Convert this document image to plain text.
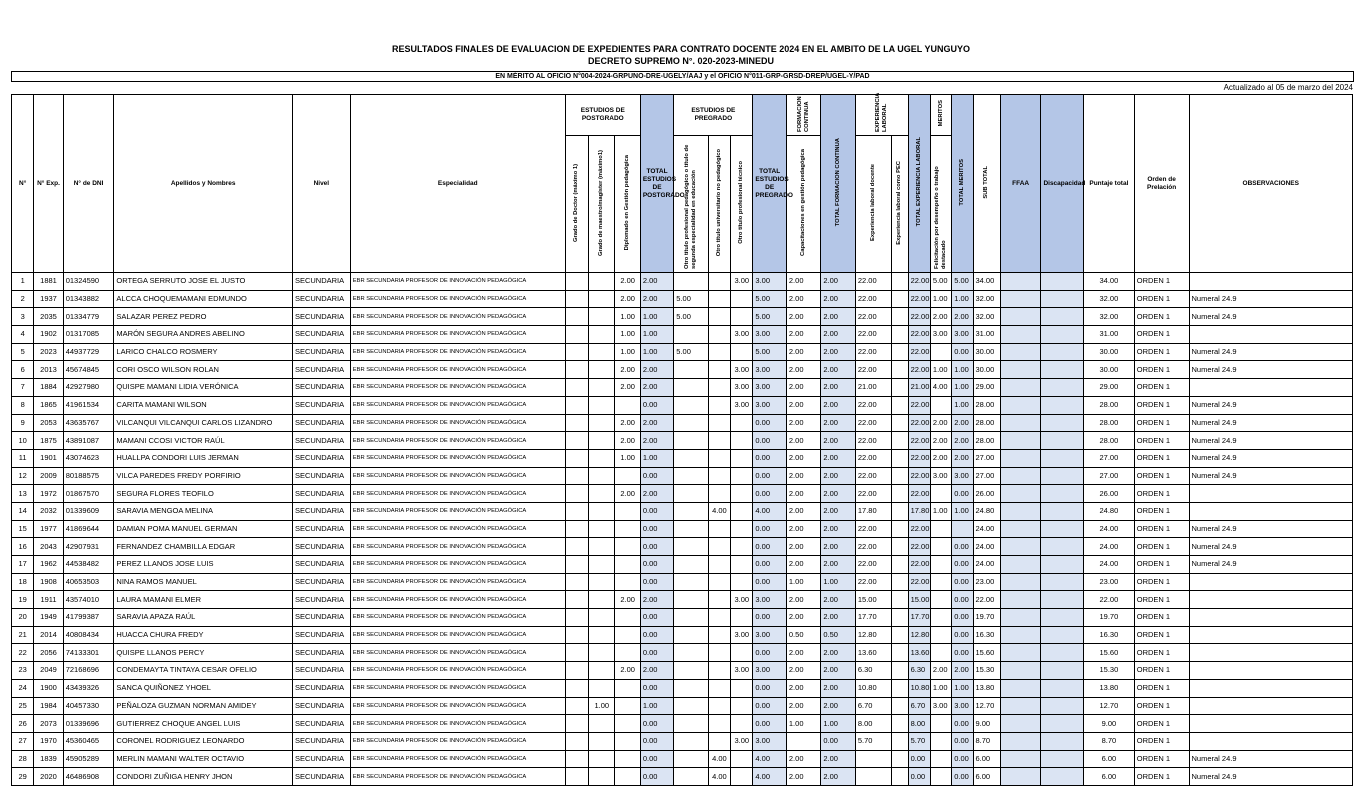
RESULTADOS FINALES DE EVALUACION DE EXPEDIENTES PARA CONTRATO DOCENTE 2024 EN EL AMBITO DE LA UGEL YUNGUYO
DECRETO SUPREMO N°. 020-2023-MINEDU
EN MÉRITO AL OFICIO N°004-2024-GRPUNO-DRE-UGELY/AAJ y el OFICIO N°011-GRP-GRSD-DREP/UGEL-Y/PAD
Actualizado al 05 de marzo del 2024
N°	N° Exp.	N° de DNI	Apellidos y Nombres	Nivel	Especialidad	ESTUDIOS DE POSTGRADO			TOTAL ESTUDIOS DE POSTGRADO	ESTUDIOS DE PREGRADO			TOTAL ESTUDIOS DE PREGRADO	FORMACION CONTINUA	TOTAL FORMACION CONTINUA	EXPERIENCIA LABORAL		TOTAL EXPERIENCIA LABORAL	MERITOS	TOTAL MERITOS	SUB TOTAL	FFAA	Discapacidad	Puntaje total	Orden de Prelación	OBSERVACIONES
						Grado de Doctor (máximo 1)	Grado de maestro/magíster (máximo1)	Diplomado en Gestión pedagógica		Otro título profesional pedagógico o título de segunda especialidad en educación	Otro título universitario no pedagógico	Otro título profesional técnico		Capacitaciones en gestión pedagógica		Experiencia laboral docente	Experiencia laboral como PEC		Felicitación por desempeño o trabajo destacado							
1	1881	01324590	ORTEGA SERRUTO JOSE EL JUSTO	SECUNDARIA	EBR SECUNDARIA PROFESOR DE INNOVACIÓN PEDAGÓGICA			2.00	2.00			3.00	3.00	2.00	2.00	22.00		22.00	5.00	5.00	34.00			34.00	ORDEN 1	
2	1937	01343882	ALCCA CHOQUEMAMANI EDMUNDO	SECUNDARIA	EBR SECUNDARIA PROFESOR DE INNOVACIÓN PEDAGÓGICA			2.00	2.00	5.00			5.00	2.00	2.00	22.00		22.00	1.00	1.00	32.00			32.00	ORDEN 1	Numeral 24.9
3	2035	01334779	SALAZAR PEREZ PEDRO	SECUNDARIA	EBR SECUNDARIA PROFESOR DE INNOVACIÓN PEDAGÓGICA			1.00	1.00	5.00			5.00	2.00	2.00	22.00		22.00	2.00	2.00	32.00			32.00	ORDEN 1	Numeral 24.9
4	1902	01317085	MARÓN SEGURA ANDRES ABELINO	SECUNDARIA	EBR SECUNDARIA PROFESOR DE INNOVACIÓN PEDAGÓGICA			1.00	1.00			3.00	3.00	2.00	2.00	22.00		22.00	3.00	3.00	31.00			31.00	ORDEN 1	
5	2023	44937729	LARICO CHALCO ROSMERY	SECUNDARIA	EBR SECUNDARIA PROFESOR DE INNOVACIÓN PEDAGÓGICA			1.00	1.00	5.00			5.00	2.00	2.00	22.00		22.00		0.00	30.00			30.00	ORDEN 1	Numeral 24.9
6	2013	45674845	CORI OSCO WILSON ROLAN	SECUNDARIA	EBR SECUNDARIA PROFESOR DE INNOVACIÓN PEDAGÓGICA			2.00	2.00			3.00	3.00	2.00	2.00	22.00		22.00	1.00	1.00	30.00			30.00	ORDEN 1	Numeral 24.9
7	1884	42927980	QUISPE MAMANI LIDIA VERÓNICA	SECUNDARIA	EBR SECUNDARIA PROFESOR DE INNOVACIÓN PEDAGÓGICA			2.00	2.00			3.00	3.00	2.00	2.00	21.00		21.00	4.00	1.00	29.00			29.00	ORDEN 1	
8	1865	41961534	CARITA MAMANI WILSON	SECUNDARIA	EBR SECUNDARIA PROFESOR DE INNOVACIÓN PEDAGÓGICA				0.00			3.00	3.00	2.00	2.00	22.00		22.00		1.00	28.00			28.00	ORDEN 1	Numeral 24.9
9	2053	43635767	VILCANQUI VILCANQUI CARLOS LIZANDRO	SECUNDARIA	EBR SECUNDARIA PROFESOR DE INNOVACIÓN PEDAGÓGICA			2.00	2.00				0.00	2.00	2.00	22.00		22.00	2.00	2.00	28.00			28.00	ORDEN 1	Numeral 24.9
10	1875	43891087	MAMANI CCOSI VICTOR RAÚL	SECUNDARIA	EBR SECUNDARIA PROFESOR DE INNOVACIÓN PEDAGÓGICA			2.00	2.00				0.00	2.00	2.00	22.00		22.00	2.00	2.00	28.00			28.00	ORDEN 1	Numeral 24.9
11	1901	43074623	HUALLPA CONDORI LUIS JERMAN	SECUNDARIA	EBR SECUNDARIA PROFESOR DE INNOVACIÓN PEDAGÓGICA			1.00	1.00				0.00	2.00	2.00	22.00		22.00	2.00	2.00	27.00			27.00	ORDEN 1	Numeral 24.9
12	2009	80188575	VILCA PAREDES FREDY PORFIRIO	SECUNDARIA	EBR SECUNDARIA PROFESOR DE INNOVACIÓN PEDAGÓGICA				0.00				0.00	2.00	2.00	22.00		22.00	3.00	3.00	27.00			27.00	ORDEN 1	Numeral 24.9
13	1972	01867570	SEGURA FLORES TEOFILO	SECUNDARIA	EBR SECUNDARIA PROFESOR DE INNOVACIÓN PEDAGÓGICA			2.00	2.00				0.00	2.00	2.00	22.00		22.00		0.00	26.00			26.00	ORDEN 1	
14	2032	01339609	SARAVIA MENGOA MELINA	SECUNDARIA	EBR SECUNDARIA PROFESOR DE INNOVACIÓN PEDAGÓGICA				0.00		4.00		4.00	2.00	2.00	17.80		17.80	1.00	1.00	24.80			24.80	ORDEN 1	
15	1977	41869644	DAMIAN POMA MANUEL GERMAN	SECUNDARIA	EBR SECUNDARIA PROFESOR DE INNOVACIÓN PEDAGÓGICA				0.00				0.00	2.00	2.00	22.00		22.00			24.00			24.00	ORDEN 1	Numeral 24.9
16	2043	42907931	FERNANDEZ CHAMBILLA EDGAR	SECUNDARIA	EBR SECUNDARIA PROFESOR DE INNOVACIÓN PEDAGÓGICA				0.00				0.00	2.00	2.00	22.00		22.00		0.00	24.00			24.00	ORDEN 1	Numeral 24.9
17	1962	44538482	PEREZ LLANOS JOSE LUIS	SECUNDARIA	EBR SECUNDARIA PROFESOR DE INNOVACIÓN PEDAGÓGICA				0.00				0.00	2.00	2.00	22.00		22.00		0.00	24.00			24.00	ORDEN 1	Numeral 24.9
18	1908	40653503	NINA RAMOS MANUEL	SECUNDARIA	EBR SECUNDARIA PROFESOR DE INNOVACIÓN PEDAGÓGICA				0.00				0.00	1.00	1.00	22.00		22.00		0.00	23.00			23.00	ORDEN 1	
19	1911	43574010	LAURA MAMANI ELMER	SECUNDARIA	EBR SECUNDARIA PROFESOR DE INNOVACIÓN PEDAGÓGICA			2.00	2.00			3.00	3.00	2.00	2.00	15.00		15.00		0.00	22.00			22.00	ORDEN 1	
20	1949	41799387	SARAVIA APAZA RAÚL	SECUNDARIA	EBR SECUNDARIA PROFESOR DE INNOVACIÓN PEDAGÓGICA				0.00				0.00	2.00	2.00	17.70		17.70		0.00	19.70			19.70	ORDEN 1	
21	2014	40808434	HUACCA CHURA FREDY	SECUNDARIA	EBR SECUNDARIA PROFESOR DE INNOVACIÓN PEDAGÓGICA				0.00			3.00	3.00	0.50	0.50	12.80		12.80		0.00	16.30			16.30	ORDEN 1	
22	2056	74133301	QUISPE LLANOS PERCY	SECUNDARIA	EBR SECUNDARIA PROFESOR DE INNOVACIÓN PEDAGÓGICA				0.00				0.00	2.00	2.00	13.60		13.60		0.00	15.60			15.60	ORDEN 1	
23	2049	72168696	CONDEMAYTA TINTAYA CESAR OFELIO	SECUNDARIA	EBR SECUNDARIA PROFESOR DE INNOVACIÓN PEDAGÓGICA			2.00	2.00			3.00	3.00	2.00	2.00	6.30		6.30	2.00	2.00	15.30			15.30	ORDEN 1	
24	1900	43439326	SANCA QUIÑONEZ YHOEL	SECUNDARIA	EBR SECUNDARIA PROFESOR DE INNOVACIÓN PEDAGÓGICA				0.00				0.00	2.00	2.00	10.80		10.80	1.00	1.00	13.80			13.80	ORDEN 1	
25	1984	40457330	PEÑALOZA GUZMAN NORMAN AMIDEY	SECUNDARIA	EBR SECUNDARIA PROFESOR DE INNOVACIÓN PEDAGÓGICA		1.00		1.00				0.00	2.00	2.00	6.70		6.70	3.00	3.00	12.70			12.70	ORDEN 1	
26	2073	01339696	GUTIERREZ CHOQUE ANGEL LUIS	SECUNDARIA	EBR SECUNDARIA PROFESOR DE INNOVACIÓN PEDAGÓGICA				0.00				0.00	1.00	1.00	8.00		8.00		0.00	9.00			9.00	ORDEN 1	
27	1970	45360465	CORONEL RODRIGUEZ LEONARDO	SECUNDARIA	EBR SECUNDARIA PROFESOR DE INNOVACIÓN PEDAGÓGICA				0.00			3.00	3.00		0.00	5.70		5.70		0.00	8.70			8.70	ORDEN 1	
28	1839	45905289	MERLIN MAMANI WALTER OCTAVIO	SECUNDARIA	EBR SECUNDARIA PROFESOR DE INNOVACIÓN PEDAGÓGICA				0.00		4.00		4.00	2.00	2.00			0.00		0.00	6.00			6.00	ORDEN 1	Numeral 24.9
29	2020	46486908	CONDORI ZUÑIGA HENRY JHON	SECUNDARIA	EBR SECUNDARIA PROFESOR DE INNOVACIÓN PEDAGÓGICA				0.00		4.00		4.00	2.00	2.00			0.00		0.00	6.00			6.00	ORDEN 1	Numeral 24.9
